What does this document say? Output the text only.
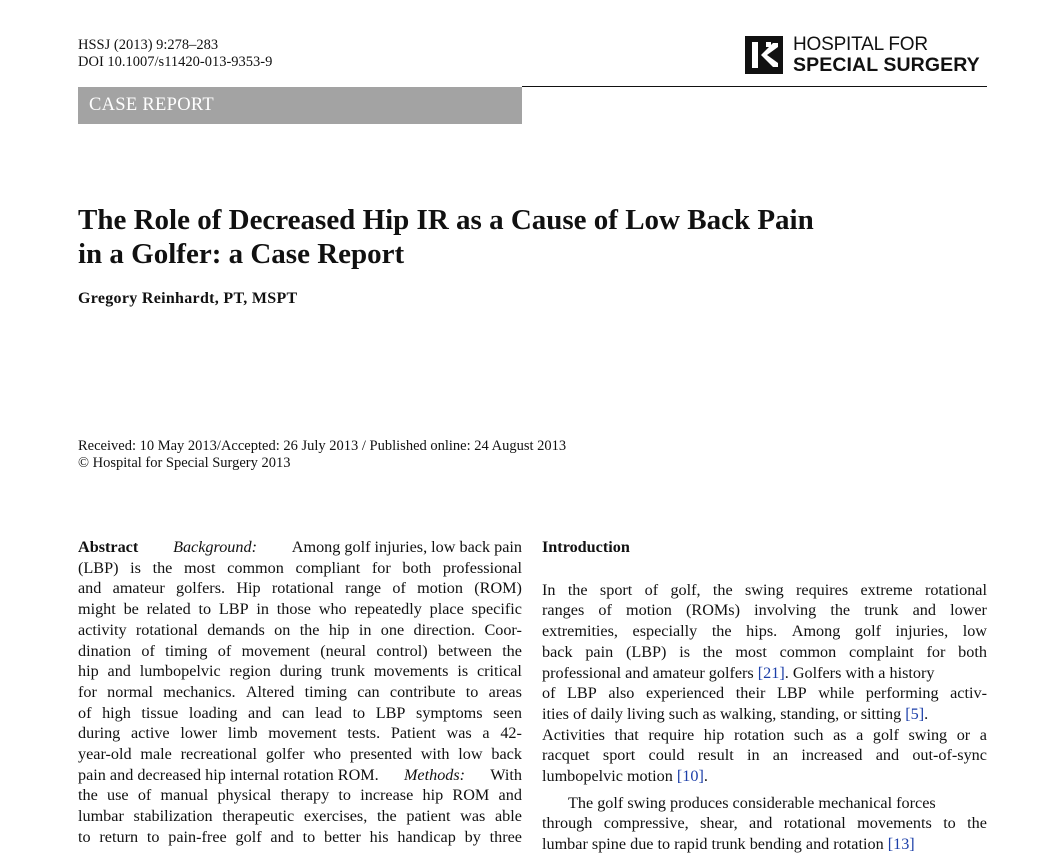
HSSJ (2013) 9:278–283
DOI 10.1007/s11420-013-9353-9
HOSPITAL FOR
SPECIAL SURGERY
CASE REPORT
The Role of Decreased Hip IR as a Cause of Low Back Pain
in a Golfer: a Case Report
Gregory Reinhardt, PT, MSPT
Received: 10 May 2013/Accepted: 26 July 2013 / Published online: 24 August 2013
© Hospital for Special Surgery 2013
Abstract Background: Among golf injuries, low back pain
(LBP) is the most common compliant for both professional
and amateur golfers. Hip rotational range of motion (ROM)
might be related to LBP in those who repeatedly place specific
activity rotational demands on the hip in one direction. Coor-
dination of timing of movement (neural control) between the
hip and lumbopelvic region during trunk movements is critical
for normal mechanics. Altered timing can contribute to areas
of high tissue loading and can lead to LBP symptoms seen
during active lower limb movement tests. Patient was a 42-
year-old male recreational golfer who presented with low back
pain and decreased hip internal rotation ROM. Methods: With
the use of manual physical therapy to increase hip ROM and
lumbar stabilization therapeutic exercises, the patient was able
to return to pain-free golf and to better his handicap by three
Introduction
In the sport of golf, the swing requires extreme rotational
ranges of motion (ROMs) involving the trunk and lower
extremities, especially the hips. Among golf injuries, low
back pain (LBP) is the most common complaint for both
professional and amateur golfers [21]. Golfers with a history
of LBP also experienced their LBP while performing activ-
ities of daily living such as walking, standing, or sitting [5].
Activities that require hip rotation such as a golf swing or a
racquet sport could result in an increased and out-of-sync
lumbopelvic motion [10].
The golf swing produces considerable mechanical forces
through compressive, shear, and rotational movements to the
lumbar spine due to rapid trunk bending and rotation [13]
